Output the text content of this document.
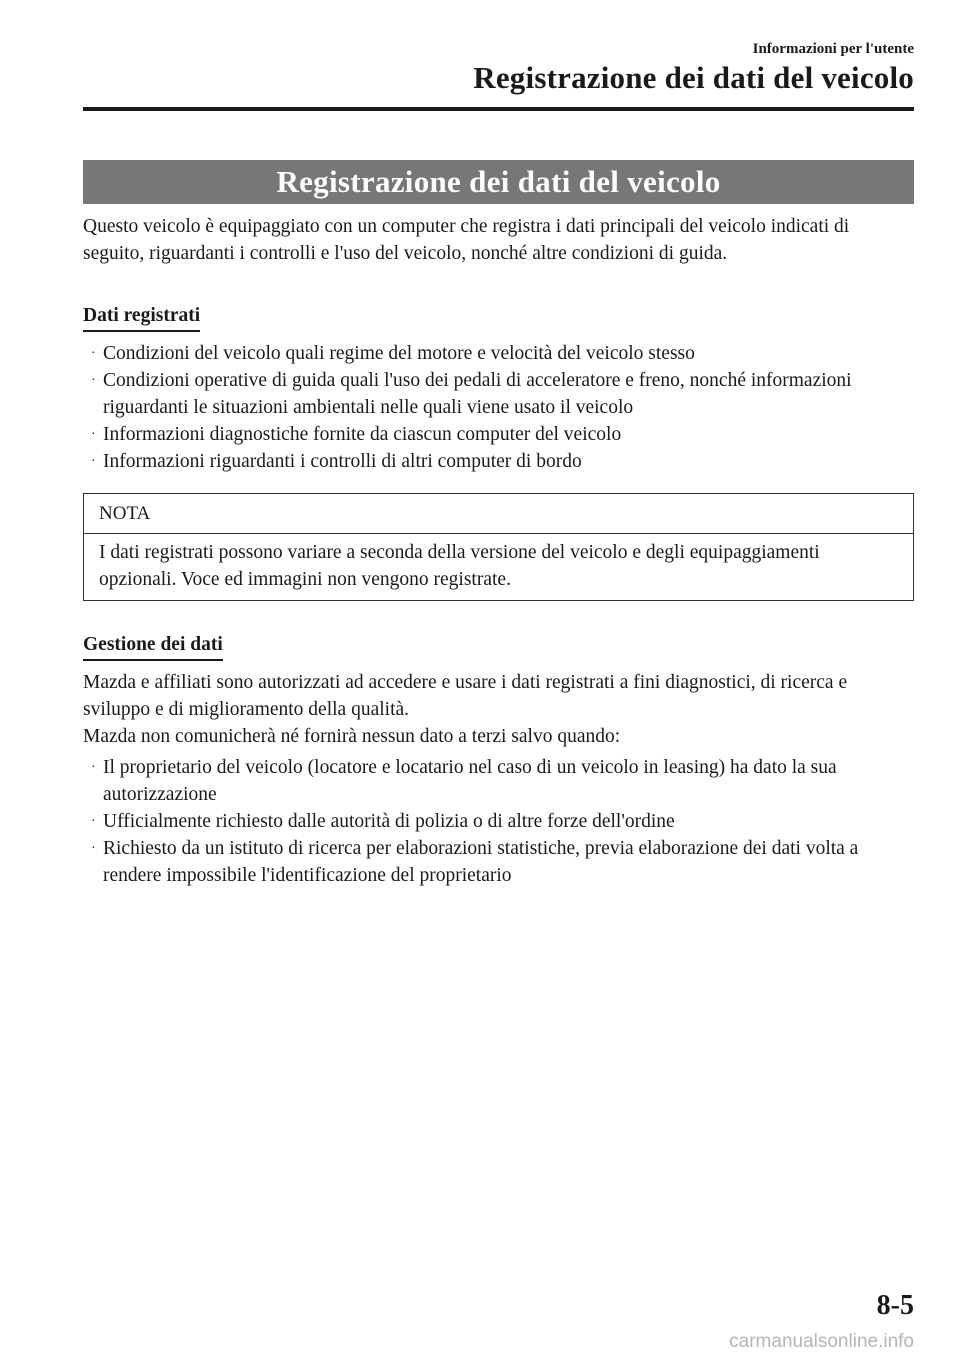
Informazioni per l'utente
Registrazione dei dati del veicolo
Registrazione dei dati del veicolo

Questo veicolo è equipaggiato con un computer che registra i dati principali del veicolo indicati di seguito, riguardanti i controlli e l'uso del veicolo, nonché altre condizioni di guida.

Dati registrati
· Condizioni del veicolo quali regime del motore e velocità del veicolo stesso
· Condizioni operative di guida quali l'uso dei pedali di acceleratore e freno, nonché informazioni riguardanti le situazioni ambientali nelle quali viene usato il veicolo
· Informazioni diagnostiche fornite da ciascun computer del veicolo
· Informazioni riguardanti i controlli di altri computer di bordo
NOTA
I dati registrati possono variare a seconda della versione del veicolo e degli equipaggiamenti opzionali. Voce ed immagini non vengono registrate.
Gestione dei dati

Mazda e affiliati sono autorizzati ad accedere e usare i dati registrati a fini diagnostici, di ricerca e sviluppo e di miglioramento della qualità.

Mazda non comunicherà né fornirà nessun dato a terzi salvo quando:

· Il proprietario del veicolo (locatore e locatario nel caso di un veicolo in leasing) ha dato la sua autorizzazione
· Ufficialmente richiesto dalle autorità di polizia o di altre forze dell'ordine
· Richiesto da un istituto di ricerca per elaborazioni statistiche, previa elaborazione dei dati volta a rendere impossibile l'identificazione del proprietario
8-5
carmanualsonline.info
